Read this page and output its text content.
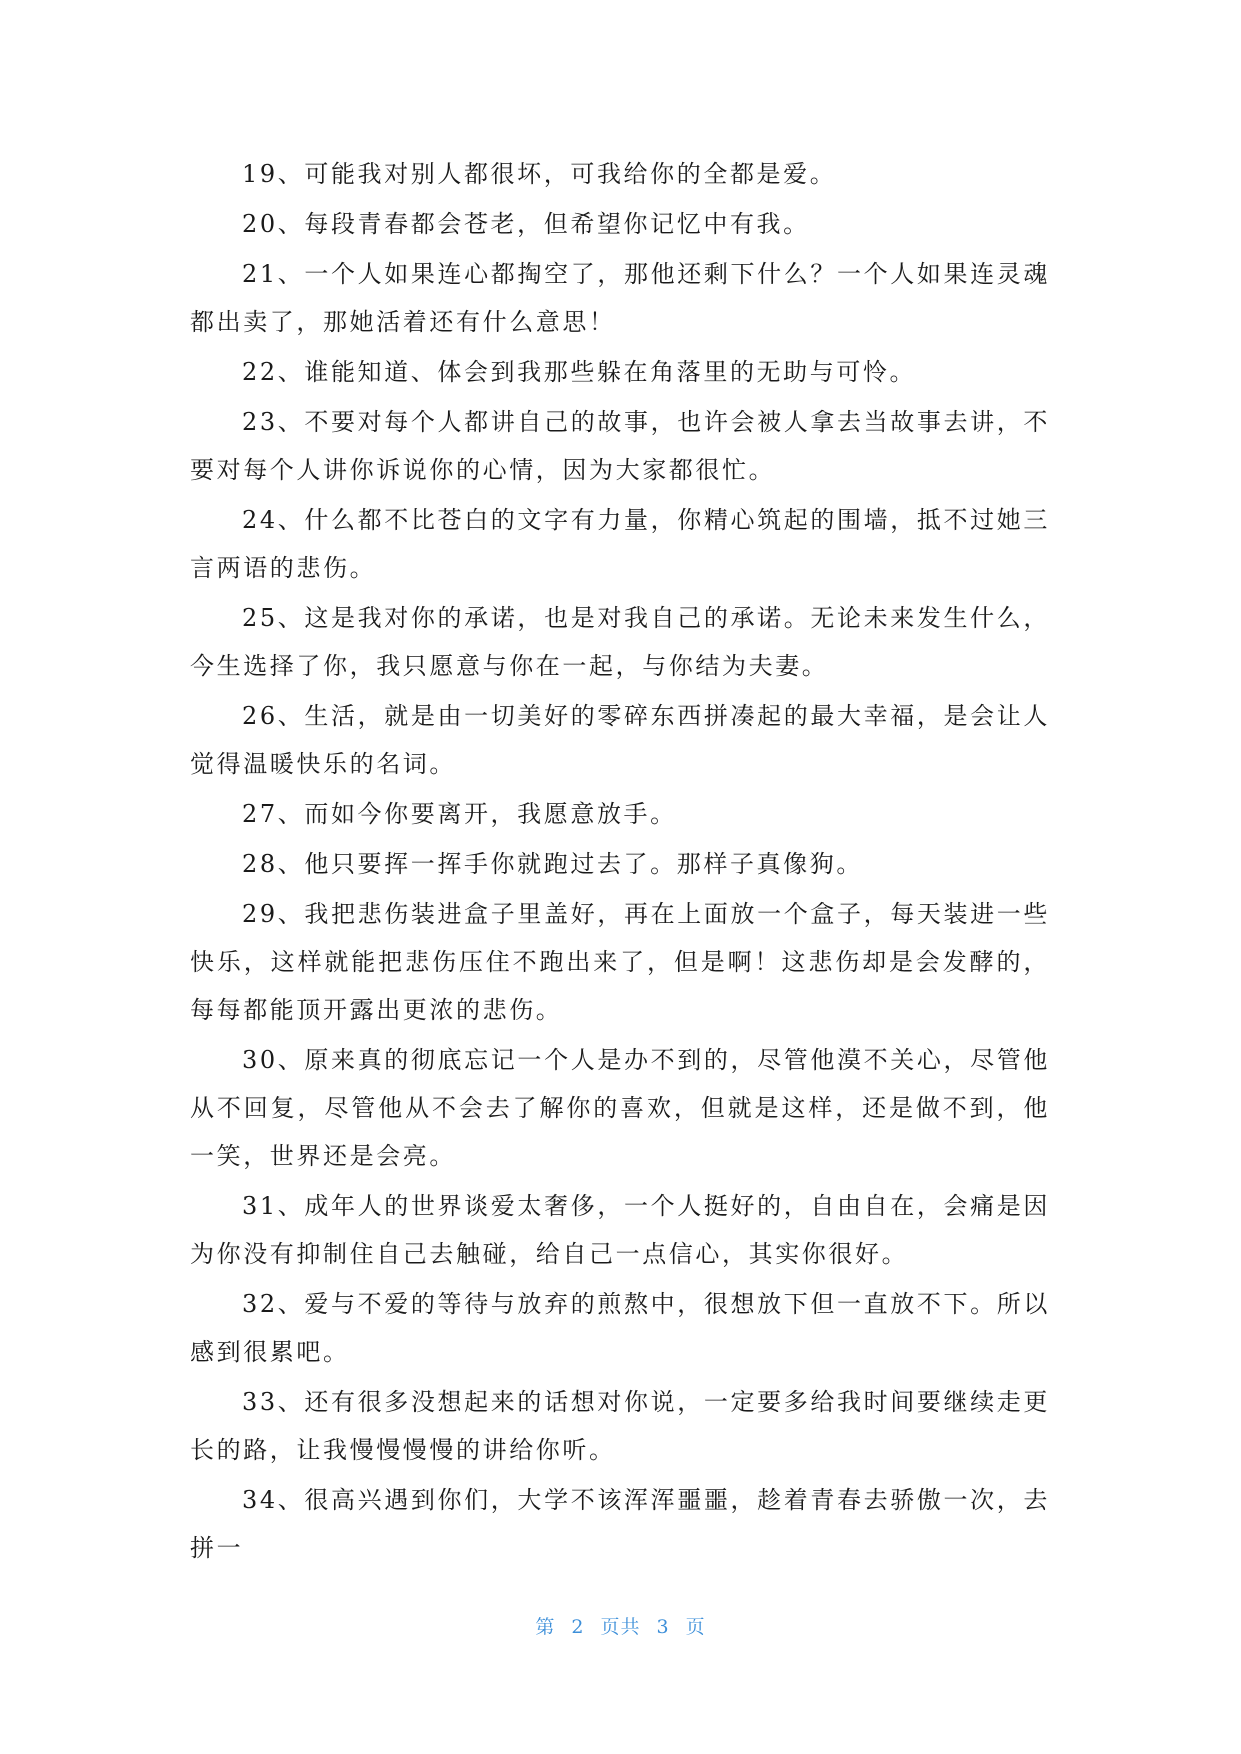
19、可能我对别人都很坏，可我给你的全都是爱。

20、每段青春都会苍老，但希望你记忆中有我。

21、一个人如果连心都掏空了，那他还剩下什么？一个人如果连灵魂都出卖了，那她活着还有什么意思！

22、谁能知道、体会到我那些躲在角落里的无助与可怜。

23、不要对每个人都讲自己的故事，也许会被人拿去当故事去讲，不要对每个人讲你诉说你的心情，因为大家都很忙。

24、什么都不比苍白的文字有力量，你精心筑起的围墙，抵不过她三言两语的悲伤。

25、这是我对你的承诺，也是对我自己的承诺。无论未来发生什么，今生选择了你，我只愿意与你在一起，与你结为夫妻。

26、生活，就是由一切美好的零碎东西拼凑起的最大幸福，是会让人觉得温暖快乐的名词。

27、而如今你要离开，我愿意放手。

28、他只要挥一挥手你就跑过去了。那样子真像狗。

29、我把悲伤装进盒子里盖好，再在上面放一个盒子，每天装进一些快乐，这样就能把悲伤压住不跑出来了，但是啊！这悲伤却是会发酵的，每每都能顶开露出更浓的悲伤。

30、原来真的彻底忘记一个人是办不到的，尽管他漠不关心，尽管他从不回复，尽管他从不会去了解你的喜欢，但就是这样，还是做不到，他一笑，世界还是会亮。

31、成年人的世界谈爱太奢侈，一个人挺好的，自由自在，会痛是因为你没有抑制住自己去触碰，给自己一点信心，其实你很好。

32、爱与不爱的等待与放弃的煎熬中，很想放下但一直放不下。所以感到很累吧。

33、还有很多没想起来的话想对你说，一定要多给我时间要继续走更长的路，让我慢慢慢慢的讲给你听。

34、很高兴遇到你们，大学不该浑浑噩噩，趁着青春去骄傲一次，去拼一

第 2 页共 3 页
